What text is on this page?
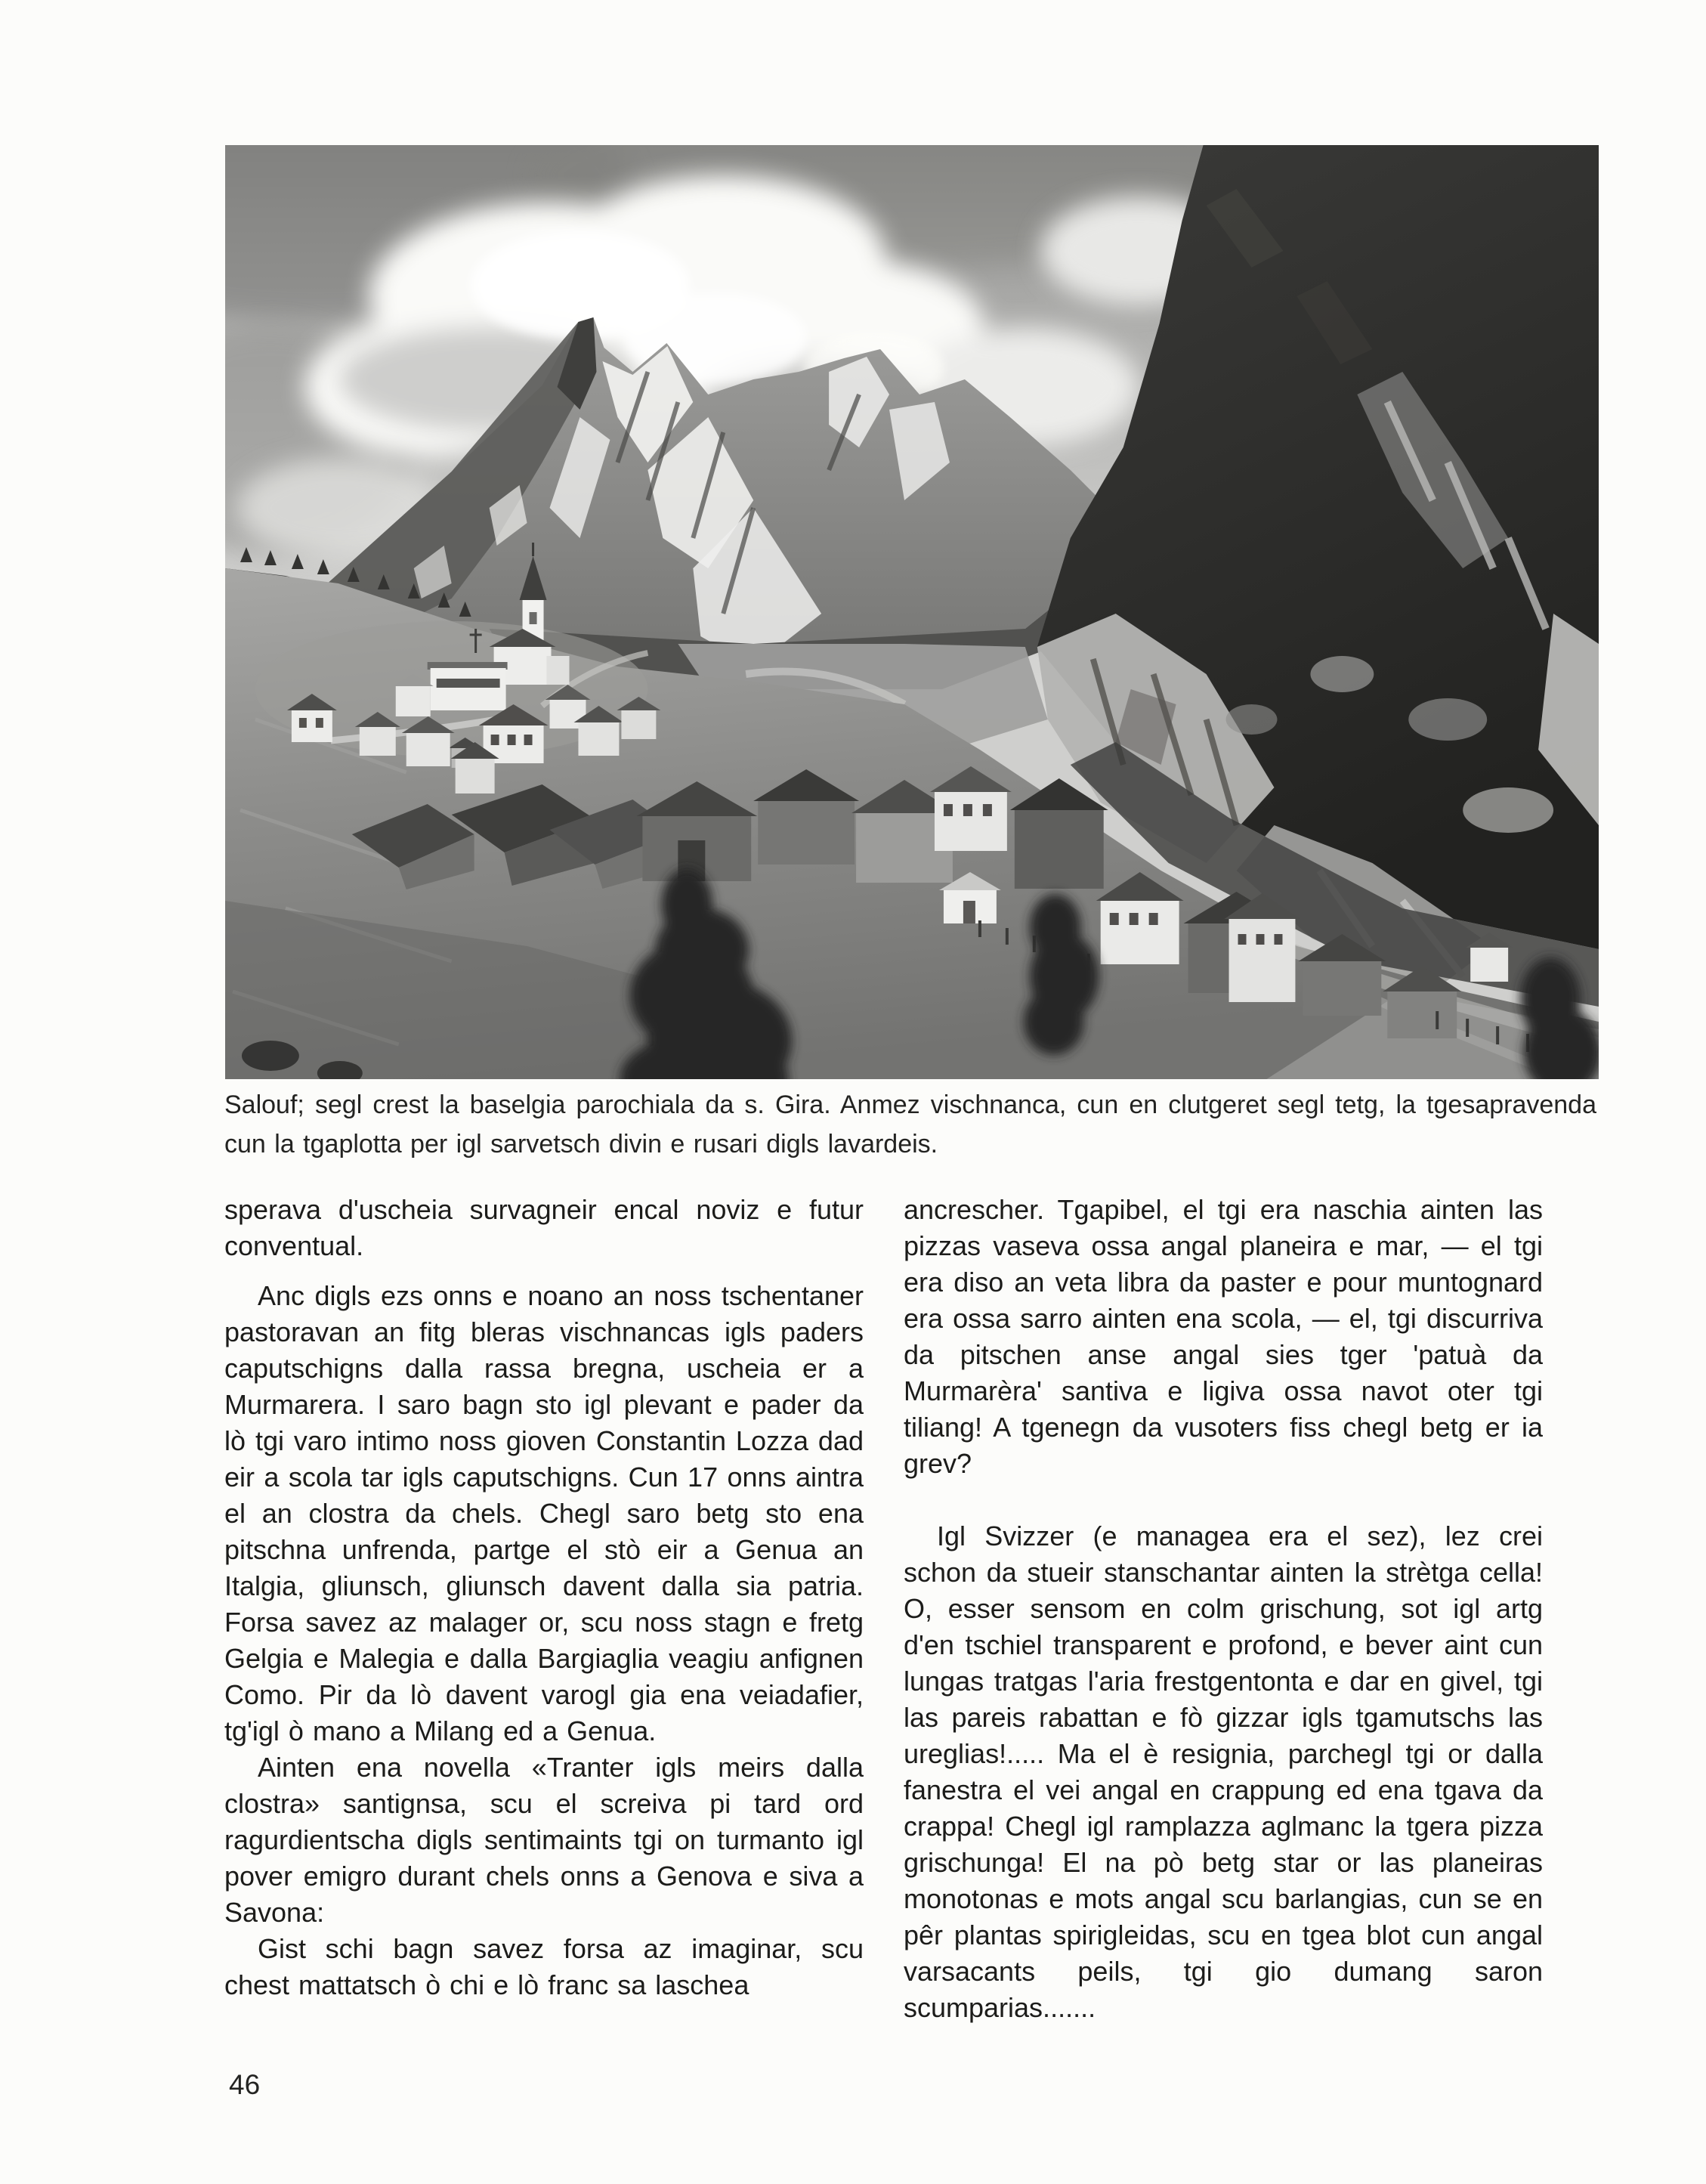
Salouf; segl crest la baselgia parochiala da s. Gira. Anmez vischnanca, cun en clutgeret segl tetg, la tgesapravenda cun la tgaplotta per igl sarvetsch divin e rusari digls lavardeis.

sperava d'uscheia survagneir encal noviz e futur conventual.

Anc digls ezs onns e noano an noss tschentaner pastoravan an fitg bleras vischnancas igls paders caputschigns dalla rassa bregna, uscheia er a Murmarera. I saro bagn sto igl plevant e pader da lò tgi varo intimo noss gioven Constantin Lozza dad eir a scola tar igls caputschigns. Cun 17 onns aintra el an clostra da chels. Chegl saro betg sto ena pitschna unfrenda, partge el stò eir a Genua an Italgia, gliunsch, gliunsch davent dalla sia patria. Forsa savez az malager or, scu noss stagn e fretg Gelgia e Malegia e dalla Bargiaglia veagiu anfignen Como. Pir da lò davent varogl gia ena veiadafier, tg'igl ò mano a Milang ed a Genua.

Ainten ena novella «Tranter igls meirs dalla clostra» santignsa, scu el screiva pi tard ord ragurdientscha digls sentimaints tgi on turmanto igl pover emigro durant chels onns a Genova e siva a Savona:

Gist schi bagn savez forsa az imaginar, scu chest mattatsch ò chi e lò franc sa laschea

ancrescher. Tgapibel, el tgi era naschia ainten las pizzas vaseva ossa angal planeira e mar, — el tgi era diso an veta libra da paster e pour muntognard era ossa sarro ainten ena scola, — el, tgi discurriva da pitschen anse angal sies tger 'patuà da Murmarèra' santiva e ligiva ossa navot oter tgi tiliang! A tgenegn da vusoters fiss chegl betg er ia grev?

Igl Svizzer (e managea era el sez), lez crei schon da stueir stanschantar ainten la strètga cella! O, esser sensom en colm grischung, sot igl artg d'en tschiel transparent e profond, e bever aint cun lungas tratgas l'aria frestgentonta e dar en givel, tgi las pareis rabattan e fò gizzar igls tgamutschs las ureglias!..... Ma el è resignia, parchegl tgi or dalla fanestra el vei angal en crappung ed ena tgava da crappa! Chegl igl ramplazza aglmanc la tgera pizza grischunga! El na pò betg star or las planeiras monotonas e mots angal scu barlangias, cun se en pêr plantas spirigleidas, scu en tgea blot cun angal varsacants peils, tgi gio dumang saron scumparias.......

46
